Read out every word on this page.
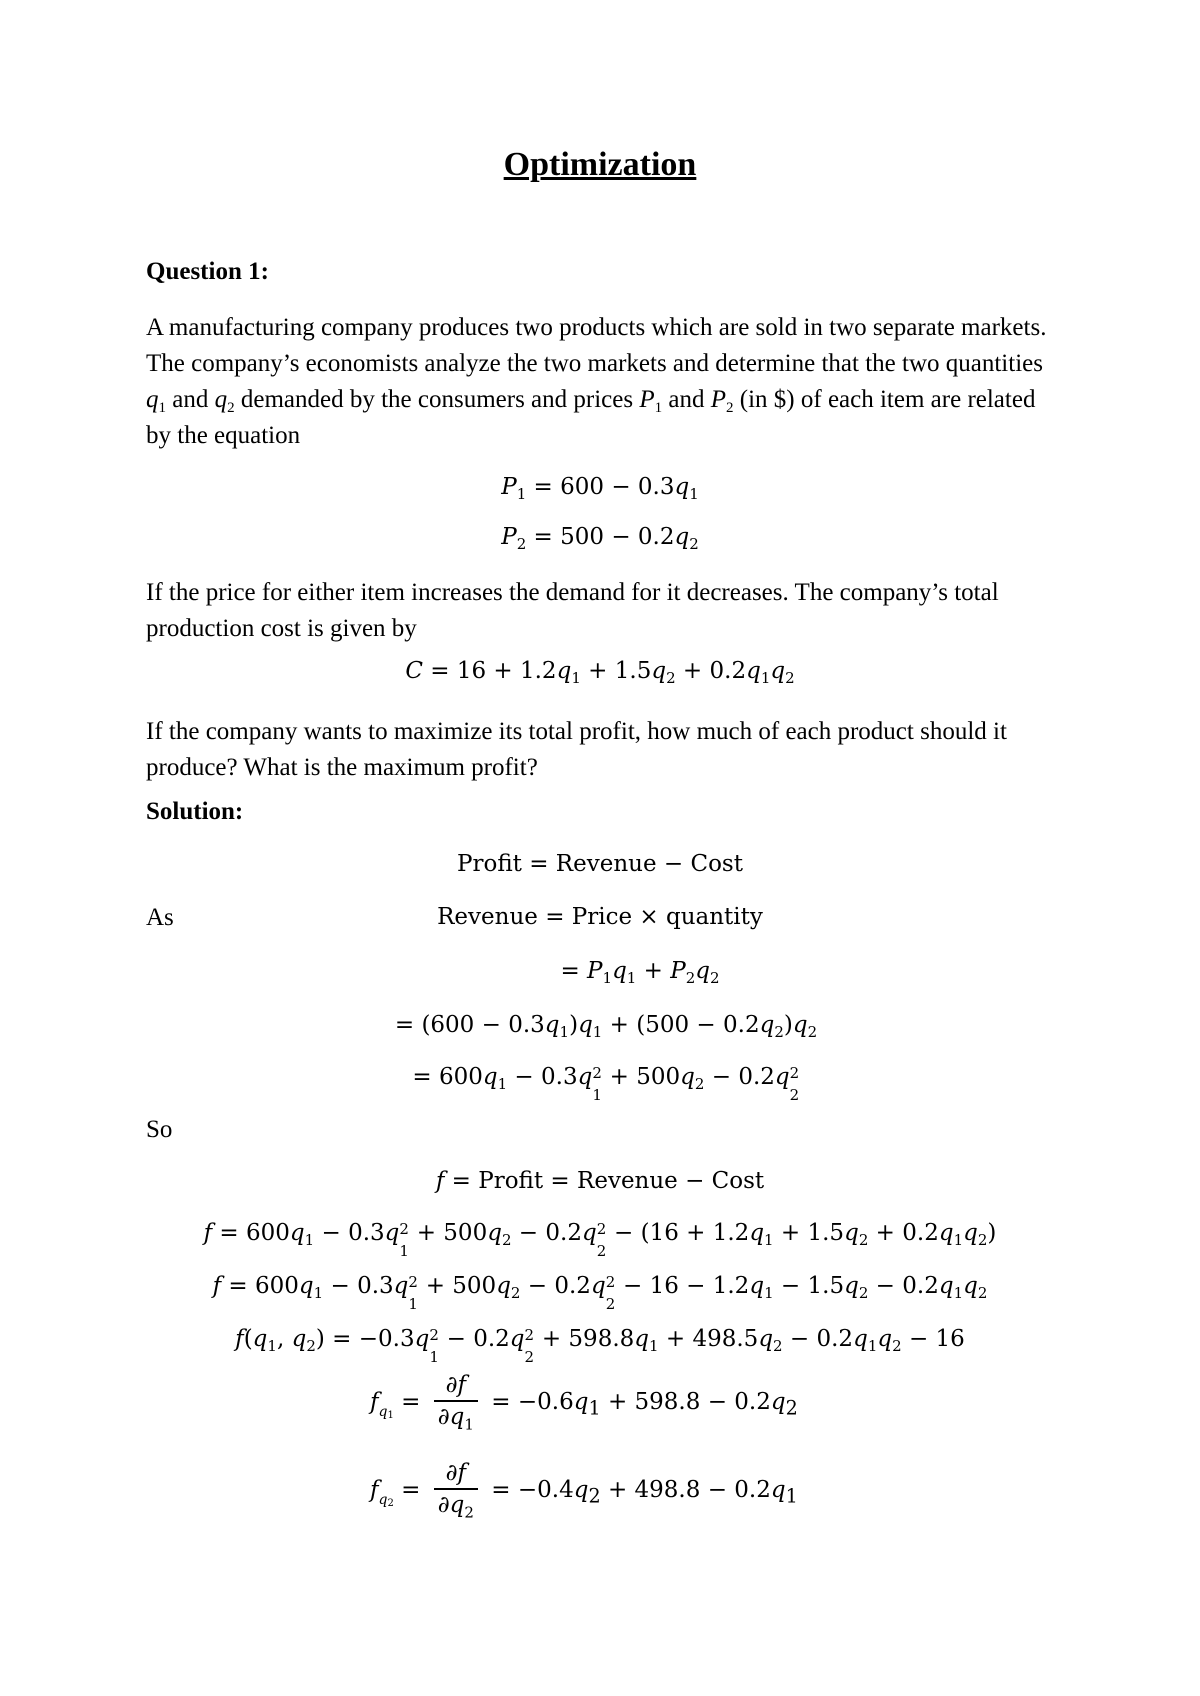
Optimization
Question 1:
A manufacturing company produces two products which are sold in two separate markets. The company’s economists analyze the two markets and determine that the two quantities $q_1$ and $q_2$ demanded by the consumers and prices $P_1$ and $P_2$ (in $) of each item are related by the equation
$P_1 = 600 - 0.3q_1$
$P_2 = 500 - 0.2q_2$
If the price for either item increases the demand for it decreases. The company’s total production cost is given by
$C = 16 + 1.2q_1 + 1.5q_2 + 0.2q_1q_2$
If the company wants to maximize its total profit, how much of each product should it produce? What is the maximum profit?
Solution:
Profit = Revenue − Cost
As	Revenue = Price × quantity
= $P_1q_1 + P_2q_2$
= $(600 - 0.3q_1)q_1 + (500 - 0.2q_2)q_2$
= $600q_1 - 0.3q$ 2
1
+ $500q_2 - 0.2q$ 2
2
So
f = Profit = Revenue − Cost
$f = 600q_1 - 0.3q$ 2
1
+ $500q_2 - 0.2q$ 2
2
− $(16 + 1.2q_1 + 1.5q_2 + 0.2q_1q_2)$
$f = 600q_1 - 0.3q$ 2
1
+ $500q_2 - 0.2q$ 2
2
− $16 - 1.2q_1 - 1.5q_2 - 0.2q_1q_2$
$f(q_1$, $q_2) = -0.3q$ 2
1
− 0.2q 2
2
+ $598.8q_1 + 498.5q_2 - 0.2q_1q_2 - 16$
$f_{q1} = \frac{\partial f}{\partial q_1} = -0.6q_1 + 598.8 - 0.2q_2$
$f_{q2} = \frac{\partial f}{\partial q_2} = -0.4q_2 + 498.8 - 0.2q_1$
